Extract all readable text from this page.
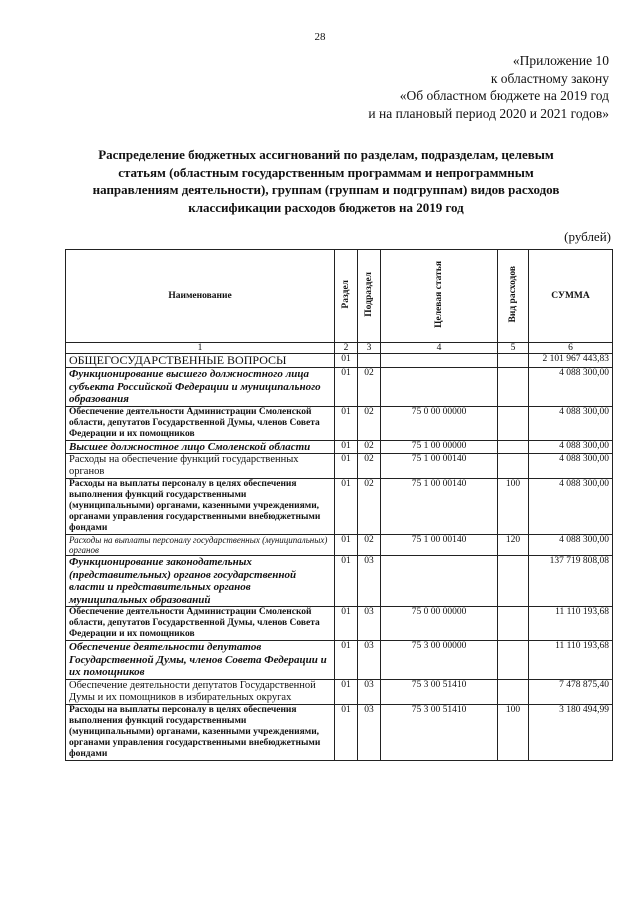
28
«Приложение 10
к областному закону
«Об областном бюджете на 2019 год
и на плановый период 2020 и 2021 годов»
Распределение бюджетных ассигнований по разделам, подразделам, целевым
статьям (областным государственным программам и непрограммным
направлениям деятельности), группам (группам и подгруппам) видов расходов
классификации расходов бюджетов на 2019 год
(рублей)
Наименование	Раздел	Подраздел	Целевая статья	Вид расходов	СУММА
1	2	3	4	5	6
ОБЩЕГОСУДАРСТВЕННЫЕ ВОПРОСЫ	01				2 101 967 443,83
Функционирование высшего должностного лица субъекта Российской Федерации и муниципального образования	01	02			4 088 300,00
Обеспечение деятельности Администрации Смоленской области, депутатов Государственной Думы, членов Совета Федерации и их помощников	01	02	75 0 00 00000		4 088 300,00
Высшее должностное лицо Смоленской области	01	02	75 1 00 00000		4 088 300,00
Расходы на обеспечение функций государственных органов	01	02	75 1 00 00140		4 088 300,00
Расходы на выплаты персоналу в целях обеспечения выполнения функций государственными (муниципальными) органами, казенными учреждениями, органами управления государственными внебюджетными фондами	01	02	75 1 00 00140	100	4 088 300,00
Расходы на выплаты персоналу государственных (муниципальных) органов	01	02	75 1 00 00140	120	4 088 300,00
Функционирование законодательных (представительных) органов государственной власти и представительных органов муниципальных образований	01	03			137 719 808,08
Обеспечение деятельности Администрации Смоленской области, депутатов Государственной Думы, членов Совета Федерации и их помощников	01	03	75 0 00 00000		11 110 193,68
Обеспечение деятельности депутатов Государственной Думы, членов Совета Федерации и их помощников	01	03	75 3 00 00000		11 110 193,68
Обеспечение деятельности депутатов Государственной Думы и их помощников в избирательных округах	01	03	75 3 00 51410		7 478 875,40
Расходы на выплаты персоналу в целях обеспечения выполнения функций государственными (муниципальными) органами, казенными учреждениями, органами управления государственными внебюджетными фондами	01	03	75 3 00 51410	100	3 180 494,99
